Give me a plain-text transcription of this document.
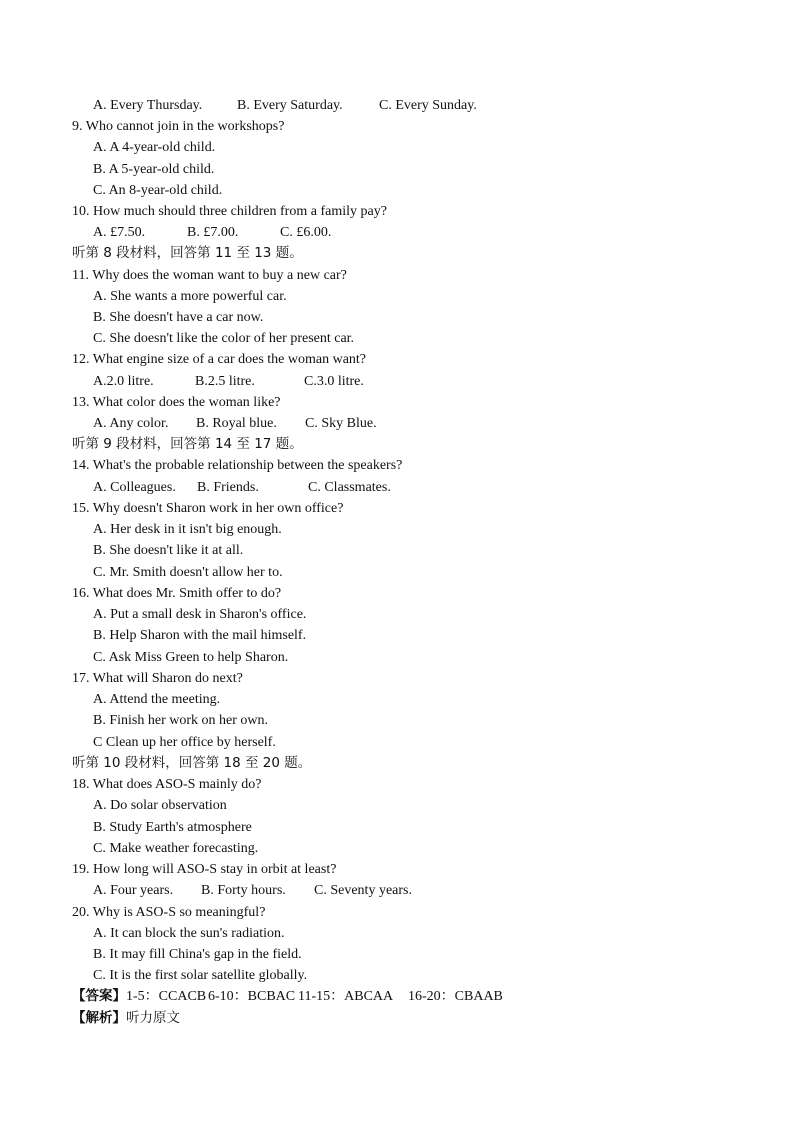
A. Every Thursday. B. Every Saturday.	C. Every Sunday.
9. Who cannot join in the workshops?
A. A 4-year-old child.
B. A 5-year-old child.
C. An 8-year-old child.
10. How much should three children from a family pay?
A. £7.50.	B. £7.00.	C. £6.00.
听第 8 段材料，回答第 11 至 13 题。
11. Why does the woman want to buy a new car?
A. She wants a more powerful car.
B. She doesn't have a car now.
C. She doesn't like the color of her present car.
12. What engine size of a car does the woman want?
A.2.0 litre.	B.2.5 litre.	C.3.0 litre.
13. What color does the woman like?
A. Any color. B. Royal blue. C. Sky Blue.
听第 9 段材料，回答第 14 至 17 题。
14. What's the probable relationship between the speakers?
A. Colleagues. B. Friends.	C. Classmates.
15. Why doesn't Sharon work in her own office?
A. Her desk in it isn't big enough.
B. She doesn't like it at all.
C. Mr. Smith doesn't allow her to.
16. What does Mr. Smith offer to do?
A. Put a small desk in Sharon's office.
B. Help Sharon with the mail himself.
C. Ask Miss Green to help Sharon.
17. What will Sharon do next?
A. Attend the meeting.
B. Finish her work on her own.
C Clean up her office by herself.
听第 10 段材料，回答第 18 至 20 题。
18. What does ASO-S mainly do?
A. Do solar observation
B. Study Earth's atmosphere
C. Make weather forecasting.
19. How long will ASO-S stay in orbit at least?
A. Four years. B. Forty hours. C. Seventy years.
20. Why is ASO-S so meaningful?
A. It can block the sun's radiation.
B. It may fill China's gap in the field.
C. It is the first solar satellite globally.
【答案】1-5：CCACB 6-10：BCBAC 11-15：ABCAA 16-20：CBAAB
【解析】听力原文
